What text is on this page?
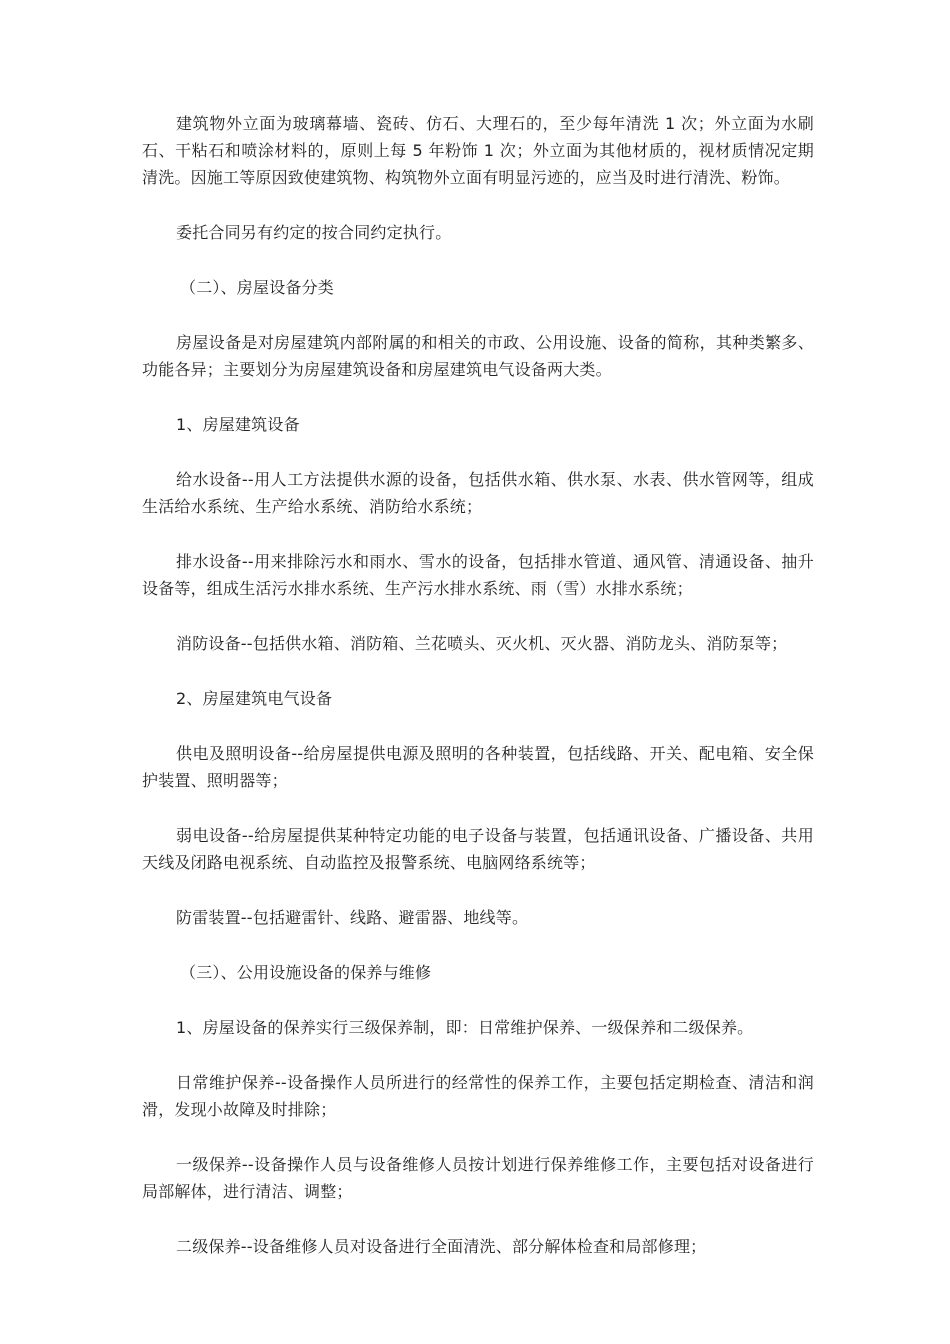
建筑物外立面为玻璃幕墙、瓷砖、仿石、大理石的，至少每年清洗 1 次；外立面为水刷石、干粘石和喷涂材料的，原则上每 5 年粉饰 1 次；外立面为其他材质的，视材质情况定期清洗。因施工等原因致使建筑物、构筑物外立面有明显污迹的，应当及时进行清洗、粉饰。

委托合同另有约定的按合同约定执行。

（二）、房屋设备分类

房屋设备是对房屋建筑内部附属的和相关的市政、公用设施、设备的简称，其种类繁多、功能各异；主要划分为房屋建筑设备和房屋建筑电气设备两大类。

1、房屋建筑设备

给水设备--用人工方法提供水源的设备，包括供水箱、供水泵、水表、供水管网等，组成生活给水系统、生产给水系统、消防给水系统；

排水设备--用来排除污水和雨水、雪水的设备，包括排水管道、通风管、清通设备、抽升设备等，组成生活污水排水系统、生产污水排水系统、雨（雪）水排水系统；

消防设备--包括供水箱、消防箱、兰花喷头、灭火机、灭火器、消防龙头、消防泵等；

2、房屋建筑电气设备

供电及照明设备--给房屋提供电源及照明的各种装置，包括线路、开关、配电箱、安全保护装置、照明器等；

弱电设备--给房屋提供某种特定功能的电子设备与装置，包括通讯设备、广播设备、共用天线及闭路电视系统、自动监控及报警系统、电脑网络系统等；

防雷装置--包括避雷针、线路、避雷器、地线等。

（三）、公用设施设备的保养与维修

1、房屋设备的保养实行三级保养制，即：日常维护保养、一级保养和二级保养。

日常维护保养--设备操作人员所进行的经常性的保养工作，主要包括定期检查、清洁和润滑，发现小故障及时排除；

一级保养--设备操作人员与设备维修人员按计划进行保养维修工作，主要包括对设备进行局部解体，进行清洁、调整；

二级保养--设备维修人员对设备进行全面清洗、部分解体检查和局部修理；
